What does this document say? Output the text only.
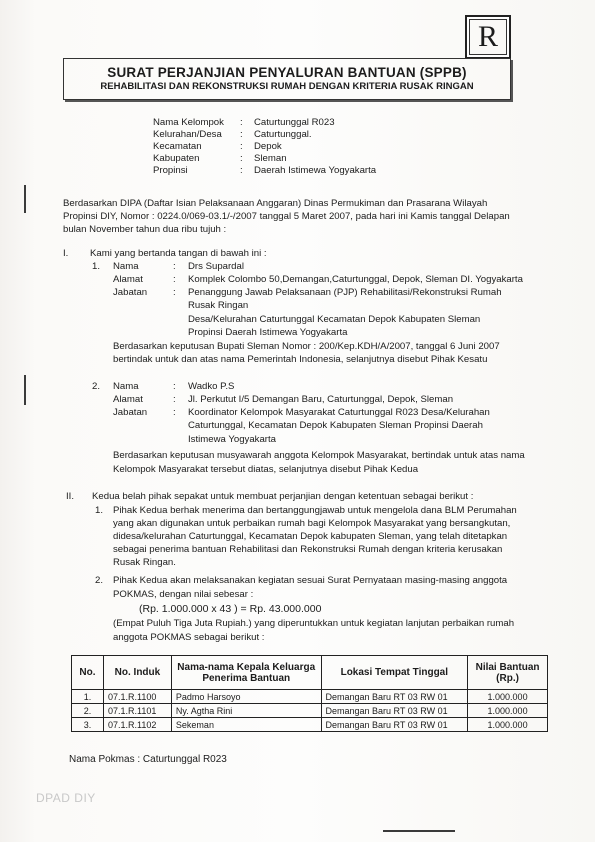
R
SURAT PERJANJIAN PENYALURAN BANTUAN (SPPB)
REHABILITASI DAN REKONSTRUKSI RUMAH DENGAN KRITERIA RUSAK RINGAN
Nama Kelompok : Caturtunggal R023
Kelurahan/Desa : Caturtunggal.
Kecamatan	: Depok
Kabupaten	: Sleman
Propinsi	: Daerah Istimewa Yogyakarta
Berdasarkan DIPA (Daftar Isian Pelaksanaan Anggaran) Dinas Permukiman dan Prasarana Wilayah
Propinsi DIY, Nomor : 0224.0/069-03.1/-/2007 tanggal 5 Maret 2007, pada hari ini Kamis tanggal Delapan
bulan November tahun dua ribu tujuh :
I. Kami yang bertanda tangan di bawah ini :
1. Nama	: Drs Supardal
Alamat	: Komplek Colombo 50,Demangan,Caturtunggal, Depok, Sleman DI. Yogyakarta
Jabatan	: Penanggung Jawab Pelaksanaan (PJP) Rehabilitasi/Rekonstruksi Rumah
Rusak Ringan
Desa/Kelurahan Caturtunggal Kecamatan Depok Kabupaten Sleman
Propinsi Daerah Istimewa Yogyakarta
Berdasarkan keputusan Bupati Sleman Nomor : 200/Kep.KDH/A/2007, tanggal 6 Juni 2007
bertindak untuk dan atas nama Pemerintah Indonesia, selanjutnya disebut Pihak Kesatu
2. Nama	: Wadko P.S
Alamat	: Jl. Perkutut I/5 Demangan Baru, Caturtunggal, Depok, Sleman
Jabatan	: Koordinator Kelompok Masyarakat Caturtunggal R023 Desa/Kelurahan
Caturtunggal, Kecamatan Depok Kabupaten Sleman Propinsi Daerah
Istimewa Yogyakarta
Berdasarkan keputusan musyawarah anggota Kelompok Masyarakat, bertindak untuk atas nama
Kelompok Masyarakat tersebut diatas, selanjutnya disebut Pihak Kedua
II. Kedua belah pihak sepakat untuk membuat perjanjian dengan ketentuan sebagai berikut :
1. Pihak Kedua berhak menerima dan bertanggungjawab untuk mengelola dana BLM Perumahan
yang akan digunakan untuk perbaikan rumah bagi Kelompok Masyarakat yang bersangkutan,
didesa/kelurahan Caturtunggal, Kecamatan Depok kabupaten Sleman, yang telah ditetapkan
sebagai penerima bantuan Rehabilitasi dan Rekonstruksi Rumah dengan kriteria kerusakan
Rusak Ringan.
2. Pihak Kedua akan melaksanakan kegiatan sesuai Surat Pernyataan masing-masing anggota
POKMAS, dengan nilai sebesar :
(Rp. 1.000.000 x 43 ) = Rp. 43.000.000
(Empat Puluh Tiga Juta Rupiah.) yang diperuntukkan untuk kegiatan lanjutan perbaikan rumah
anggota POKMAS sebagai berikut :
No.	No. Induk	Nama-nama Kepala Keluarga Penerima Bantuan	Lokasi Tempat Tinggal	Nilai Bantuan (Rp.)
1.	07.1.R.1100	Padmo Harsoyo	Demangan Baru RT 03 RW 01	1.000.000
2.	07.1.R.1101	Ny. Agtha Rini	Demangan Baru RT 03 RW 01	1.000.000
3.	07.1.R.1102	Sekeman	Demangan Baru RT 03 RW 01	1.000.000
Nama Pokmas : Caturtunggal R023
DPAD DIY
